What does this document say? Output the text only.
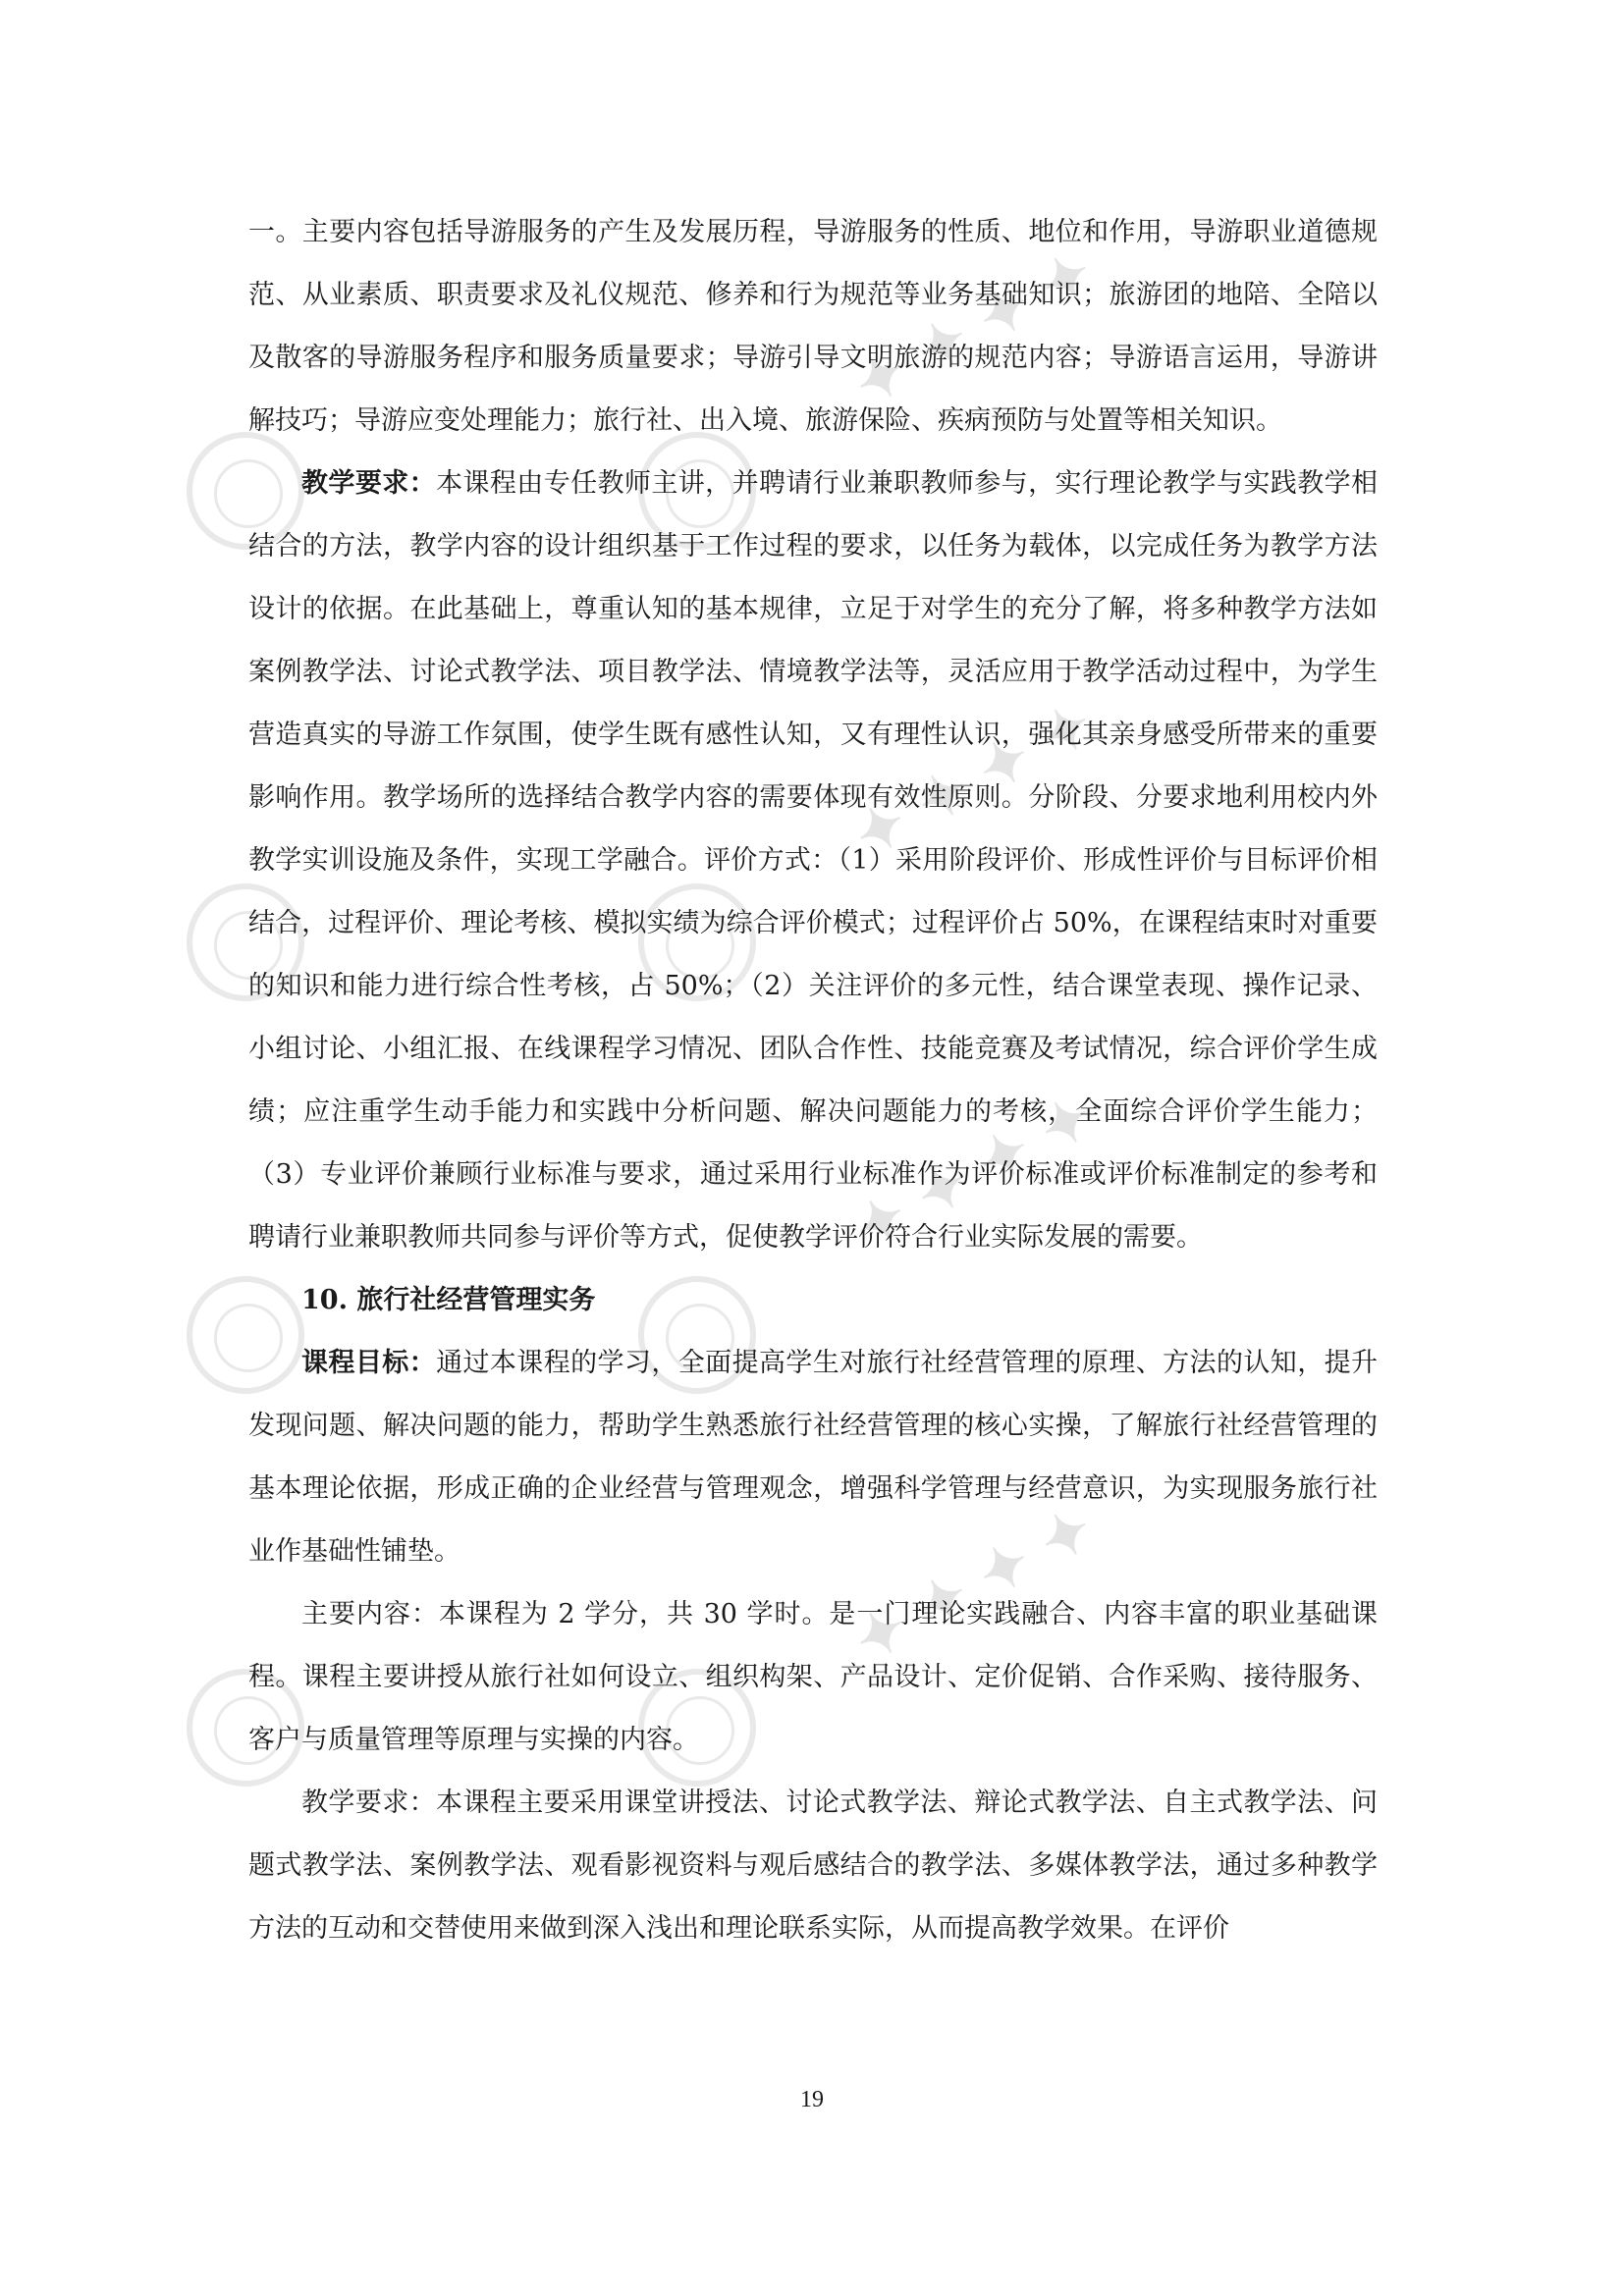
✦ ✦ ✦ ✦
✦ ✦ ✦ ✦
✦ ✦ ✦ ✦
✦ ✦ ✦ ✦

一。主要内容包括导游服务的产生及发展历程，导游服务的性质、地位和作用，导游职业道德规范、从业素质、职责要求及礼仪规范、修养和行为规范等业务基础知识；旅游团的地陪、全陪以及散客的导游服务程序和服务质量要求；导游引导文明旅游的规范内容；导游语言运用，导游讲解技巧；导游应变处理能力；旅行社、出入境、旅游保险、疾病预防与处置等相关知识。

教学要求：本课程由专任教师主讲，并聘请行业兼职教师参与，实行理论教学与实践教学相结合的方法，教学内容的设计组织基于工作过程的要求，以任务为载体，以完成任务为教学方法设计的依据。在此基础上，尊重认知的基本规律，立足于对学生的充分了解，将多种教学方法如案例教学法、讨论式教学法、项目教学法、情境教学法等，灵活应用于教学活动过程中，为学生营造真实的导游工作氛围，使学生既有感性认知，又有理性认识，强化其亲身感受所带来的重要影响作用。教学场所的选择结合教学内容的需要体现有效性原则。分阶段、分要求地利用校内外教学实训设施及条件，实现工学融合。评价方式：（1）采用阶段评价、形成性评价与目标评价相结合，过程评价、理论考核、模拟实绩为综合评价模式；过程评价占 50%，在课程结束时对重要的知识和能力进行综合性考核，占 50%；（2）关注评价的多元性，结合课堂表现、操作记录、小组讨论、小组汇报、在线课程学习情况、团队合作性、技能竞赛及考试情况，综合评价学生成绩；应注重学生动手能力和实践中分析问题、解决问题能力的考核，全面综合评价学生能力；（3）专业评价兼顾行业标准与要求，通过采用行业标准作为评价标准或评价标准制定的参考和聘请行业兼职教师共同参与评价等方式，促使教学评价符合行业实际发展的需要。

10. 旅行社经营管理实务

课程目标：通过本课程的学习，全面提高学生对旅行社经营管理的原理、方法的认知，提升发现问题、解决问题的能力，帮助学生熟悉旅行社经营管理的核心实操，了解旅行社经营管理的基本理论依据，形成正确的企业经营与管理观念，增强科学管理与经营意识，为实现服务旅行社业作基础性铺垫。

主要内容：本课程为 2 学分，共 30 学时。是一门理论实践融合、内容丰富的职业基础课程。课程主要讲授从旅行社如何设立、组织构架、产品设计、定价促销、合作采购、接待服务、客户与质量管理等原理与实操的内容。

教学要求：本课程主要采用课堂讲授法、讨论式教学法、辩论式教学法、自主式教学法、问题式教学法、案例教学法、观看影视资料与观后感结合的教学法、多媒体教学法，通过多种教学方法的互动和交替使用来做到深入浅出和理论联系实际，从而提高教学效果。在评价

19
